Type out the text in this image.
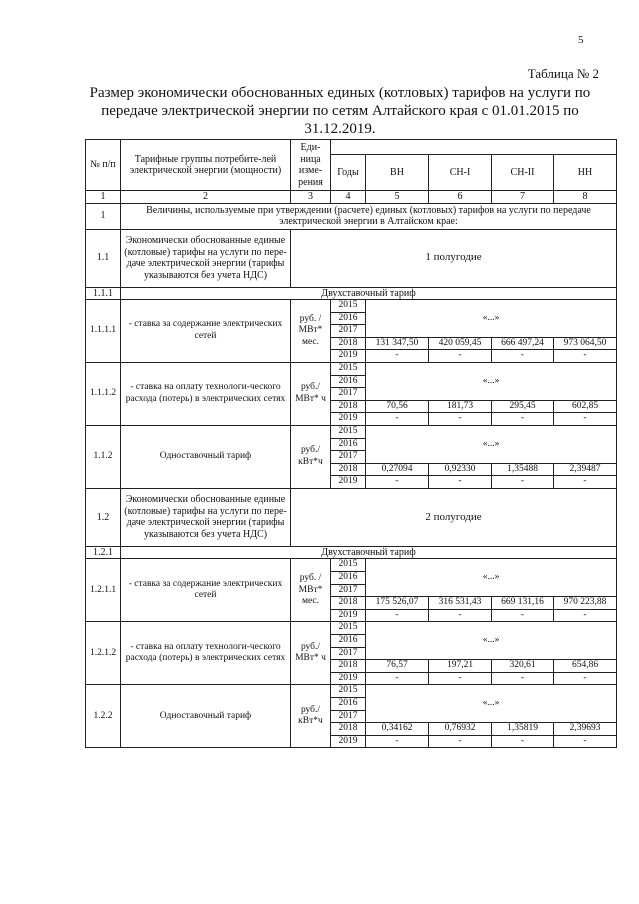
5
Таблица № 2
Размер экономически обоснованных единых (котловых) тарифов на услуги по передаче электрической энергии по сетям Алтайского края с 01.01.2015 по 31.12.2019.
№ п/п	Тарифные группы потребите-лей электрической энергии (мощности)	Еди-ница изме-рения					
			Годы	ВН	СН-I	СН-II	НН

1	2	3	4	5	6	7	8
1	Величины, используемые при утверждении (расчете) единых (котловых) тарифов на услуги по передаче электрической энергии в Алтайском крае:						
1.1	Экономически обоснованные единые (котловые) тарифы на услуги по пере-даче электрической энергии (тарифы указываются без учета НДС)	1 полугодие					
1.1.1	Двухставочный тариф						
1.1.1.1	- ставка за содержание электрических сетей	руб. /МВт* мес.	2015	«...»			
			2016				
			2017				
			2018	131 347,50	420 059,45	666 497,24	973 064,50
			2019	-	-	-	-
1.1.1.2	- ставка на оплату технологи-ческого расхода (потерь) в электрических сетях	руб./ МВт* ч	2015	«...»			
			2016				
			2017				
			2018	70,56	181,73	295,45	602,85
			2019	-	-	-	-
1.1.2	Одноставочный тариф	руб./ кВт*ч	2015	«...»			
			2016				
			2017				
			2018	0,27094	0,92330	1,35488	2,39487
			2019	-	-	-	-
1.2	Экономически обоснованные единые (котловые) тарифы на услуги по пере-даче электрической энергии (тарифы указываются без учета НДС)	2 полугодие					
1.2.1	Двухставочный тариф						
1.2.1.1	- ставка за содержание электрических сетей	руб. /МВт* мес.	2015	«...»			
			2016				
			2017				
			2018	175 526,07	316 531,43	669 131,16	970 223,88
			2019	-	-	-	-
1.2.1.2	- ставка на оплату технологи-ческого расхода (потерь) в электрических сетях	руб./ МВт* ч	2015	«...»			
			2016				
			2017				
			2018	76,57	197,21	320,61	654,86
			2019	-	-	-	-
1.2.2	Одноставочный тариф	руб./ кВт*ч	2015	«...»			
			2016				
			2017				
			2018	0,34162	0,76932	1,35819	2,39693
			2019	-	-	-	-
